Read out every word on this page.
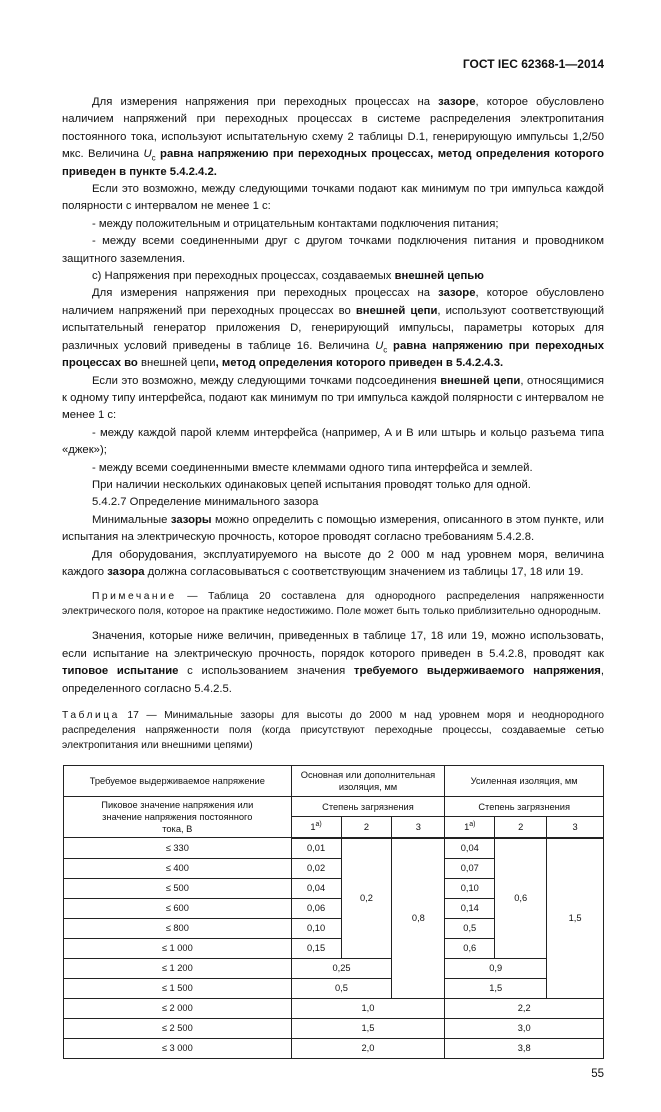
ГОСТ IEC 62368-1—2014

Для измерения напряжения при переходных процессах на зазоре, которое обусловлено наличием напряжений при переходных процессах в системе распределения электропитания постоянного тока, используют испытательную схему 2 таблицы D.1, генерирующую импульсы 1,2/50 мкс. Величина $U_c$ равна напряжению при переходных процессах, метод определения которого приведен в пункте 5.4.2.4.2.

Если это возможно, между следующими точками подают как минимум по три импульса каждой полярности с интервалом не менее 1 с:

- между положительным и отрицательным контактами подключения питания;

- между всеми соединенными друг с другом точками подключения питания и проводником защитного заземления.

с) Напряжения при переходных процессах, создаваемых внешней цепью

Для измерения напряжения при переходных процессах на зазоре, которое обусловлено наличием напряжений при переходных процессах во внешней цепи, используют соответствующий испытательный генератор приложения D, генерирующий импульсы, параметры которых для различных условий приведены в таблице 16. Величина $U_c$ равна напряжению при переходных процессах во внешней цепи, метод определения которого приведен в 5.4.2.4.3.

Если это возможно, между следующими точками подсоединения внешней цепи, относящимися к одному типу интерфейса, подают как минимум по три импульса каждой полярности с интервалом не менее 1 с:

- между каждой парой клемм интерфейса (например, A и B или штырь и кольцо разъема типа «джек»);

- между всеми соединенными вместе клеммами одного типа интерфейса и землей.

При наличии нескольких одинаковых цепей испытания проводят только для одной.

5.4.2.7 Определение минимального зазора

Минимальные зазоры можно определить с помощью измерения, описанного в этом пункте, или испытания на электрическую прочность, которое проводят согласно требованиям 5.4.2.8.

Для оборудования, эксплуатируемого на высоте до 2 000 м над уровнем моря, величина каждого зазора должна согласовываться с соответствующим значением из таблицы 17, 18 или 19.

Примечание — Таблица 20 составлена для однородного распределения напряженности электрического поля, которое на практике недостижимо. Поле может быть только приблизительно однородным.

Значения, которые ниже величин, приведенных в таблице 17, 18 или 19, можно использовать, если испытание на электрическую прочность, порядок которого приведен в 5.4.2.8, проводят как типовое испытание с использованием значения требуемого выдерживаемого напряжения, определенного согласно 5.4.2.5.

Таблица 17 — Минимальные зазоры для высоты до 2000 м над уровнем моря и неоднородного распределения напряженности поля (когда присутствуют переходные процессы, создаваемые сетью электропитания или внешними цепями)
Требуемое выдерживаемое напряжение	Основная или дополнительная изоляция, мм			Усиленная изоляция, мм		
Пиковое значение напряжения или значение напряжения постоянного тока, В	Степень загрязнения			Степень загрязнения		
	$1^{а)}$	2	3	$1^{а)}$	2	3
≤ 330	0,01	0,2	0,8	0,04	0,6	1,5
≤ 400	0,02			0,07		
≤ 500	0,04			0,10		
≤ 600	0,06			0,14		
≤ 800	0,10			0,5		
≤ 1 000	0,15			0,6		
≤ 1 200	0,25			0,9		
≤ 1 500	0,5			1,5		
≤ 2 000	1,0			2,2		
≤ 2 500	1,5			3,0		
≤ 3 000	2,0			3,8		
55
